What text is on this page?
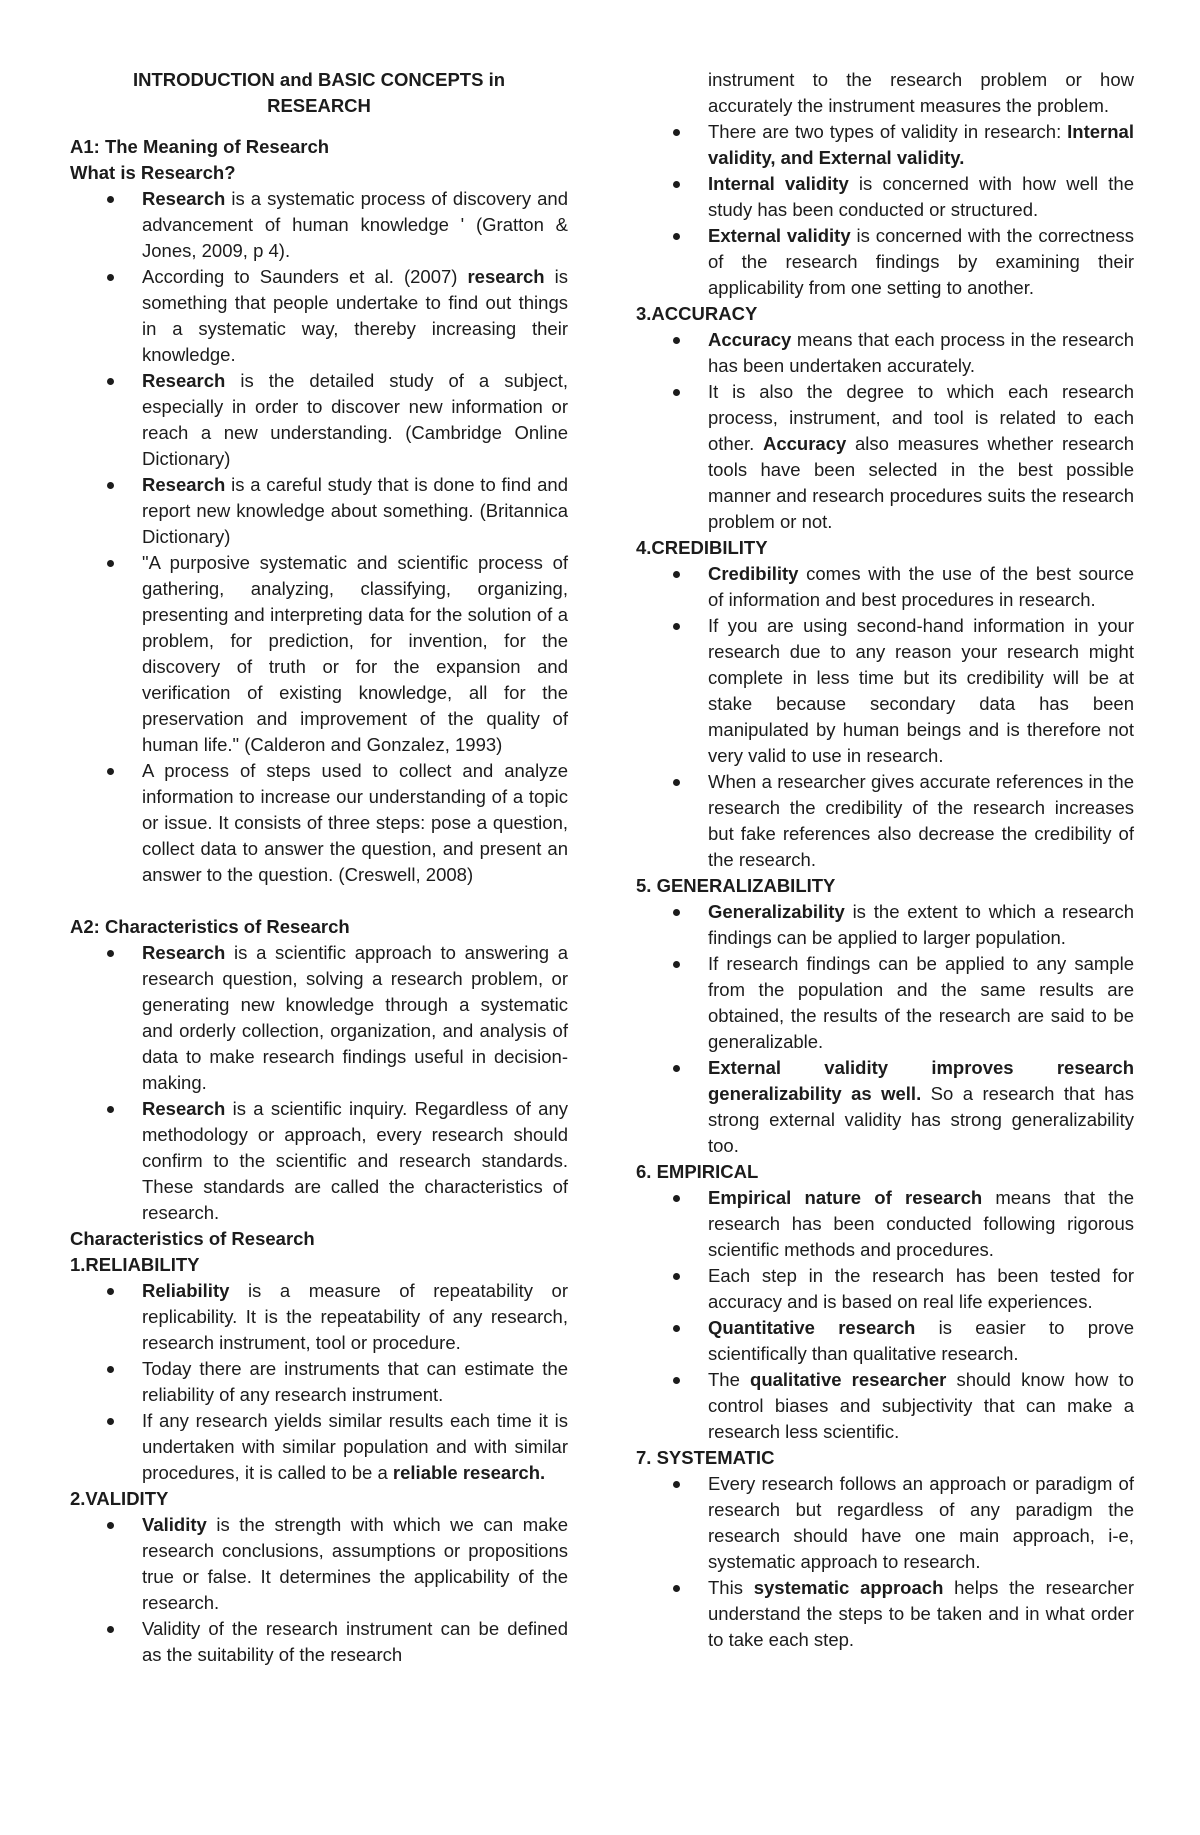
INTRODUCTION and BASIC CONCEPTS in RESEARCH
A1: The Meaning of Research
What is Research?
Research is a systematic process of discovery and advancement of human knowledge ' (Gratton & Jones, 2009, p 4).
According to Saunders et al. (2007) research is something that people undertake to find out things in a systematic way, thereby increasing their knowledge.
Research is the detailed study of a subject, especially in order to discover new information or reach a new understanding. (Cambridge Online Dictionary)
Research is a careful study that is done to find and report new knowledge about something. (Britannica Dictionary)
"A purposive systematic and scientific process of gathering, analyzing, classifying, organizing, presenting and interpreting data for the solution of a problem, for prediction, for invention, for the discovery of truth or for the expansion and verification of existing knowledge, all for the preservation and improvement of the quality of human life." (Calderon and Gonzalez, 1993)
A process of steps used to collect and analyze information to increase our understanding of a topic or issue. It consists of three steps: pose a question, collect data to answer the question, and present an answer to the question. (Creswell, 2008)
A2: Characteristics of Research
Research is a scientific approach to answering a research question, solving a research problem, or generating new knowledge through a systematic and orderly collection, organization, and analysis of data to make research findings useful in decision-making.
Research is a scientific inquiry. Regardless of any methodology or approach, every research should confirm to the scientific and research standards. These standards are called the characteristics of research.
Characteristics of Research
1.RELIABILITY
Reliability is a measure of repeatability or replicability. It is the repeatability of any research, research instrument, tool or procedure.
Today there are instruments that can estimate the reliability of any research instrument.
If any research yields similar results each time it is undertaken with similar population and with similar procedures, it is called to be a reliable research.
2.VALIDITY
Validity is the strength with which we can make research conclusions, assumptions or propositions true or false. It determines the applicability of the research.
Validity of the research instrument can be defined as the suitability of the research
instrument to the research problem or how accurately the instrument measures the problem.
There are two types of validity in research: Internal validity, and External validity.
Internal validity is concerned with how well the study has been conducted or structured.
External validity is concerned with the correctness of the research findings by examining their applicability from one setting to another.
3.ACCURACY
Accuracy means that each process in the research has been undertaken accurately.
It is also the degree to which each research process, instrument, and tool is related to each other. Accuracy also measures whether research tools have been selected in the best possible manner and research procedures suits the research problem or not.
4.CREDIBILITY
Credibility comes with the use of the best source of information and best procedures in research.
If you are using second-hand information in your research due to any reason your research might complete in less time but its credibility will be at stake because secondary data has been manipulated by human beings and is therefore not very valid to use in research.
When a researcher gives accurate references in the research the credibility of the research increases but fake references also decrease the credibility of the research.
5. GENERALIZABILITY
Generalizability is the extent to which a research findings can be applied to larger population.
If research findings can be applied to any sample from the population and the same results are obtained, the results of the research are said to be generalizable.
External validity improves research generalizability as well. So a research that has strong external validity has strong generalizability too.
6. EMPIRICAL
Empirical nature of research means that the research has been conducted following rigorous scientific methods and procedures.
Each step in the research has been tested for accuracy and is based on real life experiences.
Quantitative research is easier to prove scientifically than qualitative research.
The qualitative researcher should know how to control biases and subjectivity that can make a research less scientific.
7. SYSTEMATIC
Every research follows an approach or paradigm of research but regardless of any paradigm the research should have one main approach, i-e, systematic approach to research.
This systematic approach helps the researcher understand the steps to be taken and in what order to take each step.
